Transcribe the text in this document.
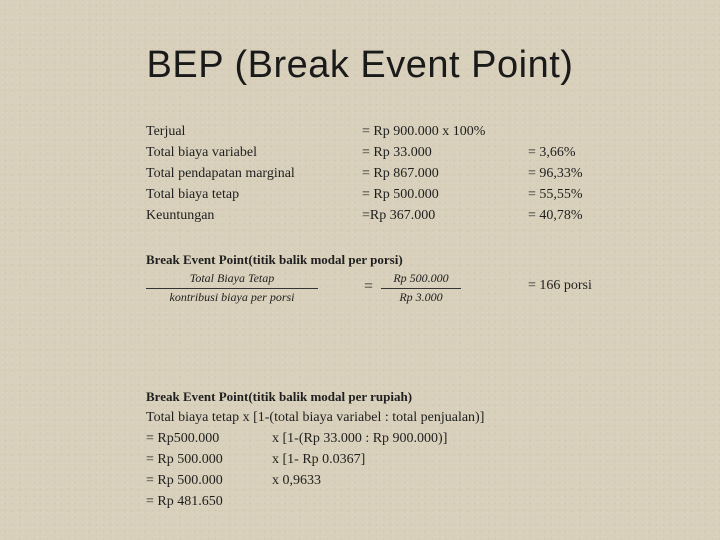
BEP (Break Event Point)
Terjual	= Rp 900.000 x 100%
Total biaya variabel	= Rp 33.000	= 3,66%
Total pendapatan marginal	= Rp 867.000	= 96,33%
Total biaya tetap	= Rp 500.000	= 55,55%
Keuntungan	=Rp 367.000	= 40,78%
Break Event Point(titik balik modal per porsi)
Total Biaya Tetap
kontribusi biaya per porsi
=	Rp 500.000
Rp 3.000
= 166 porsi
Break Event Point(titik balik modal per rupiah)
Total biaya tetap x [1-(total biaya variabel : total penjualan)]
= Rp500.000	x [1-(Rp 33.000 : Rp 900.000)]
= Rp 500.000	x [1- Rp 0.0367]
= Rp 500.000	x 0,9633
= Rp 481.650
